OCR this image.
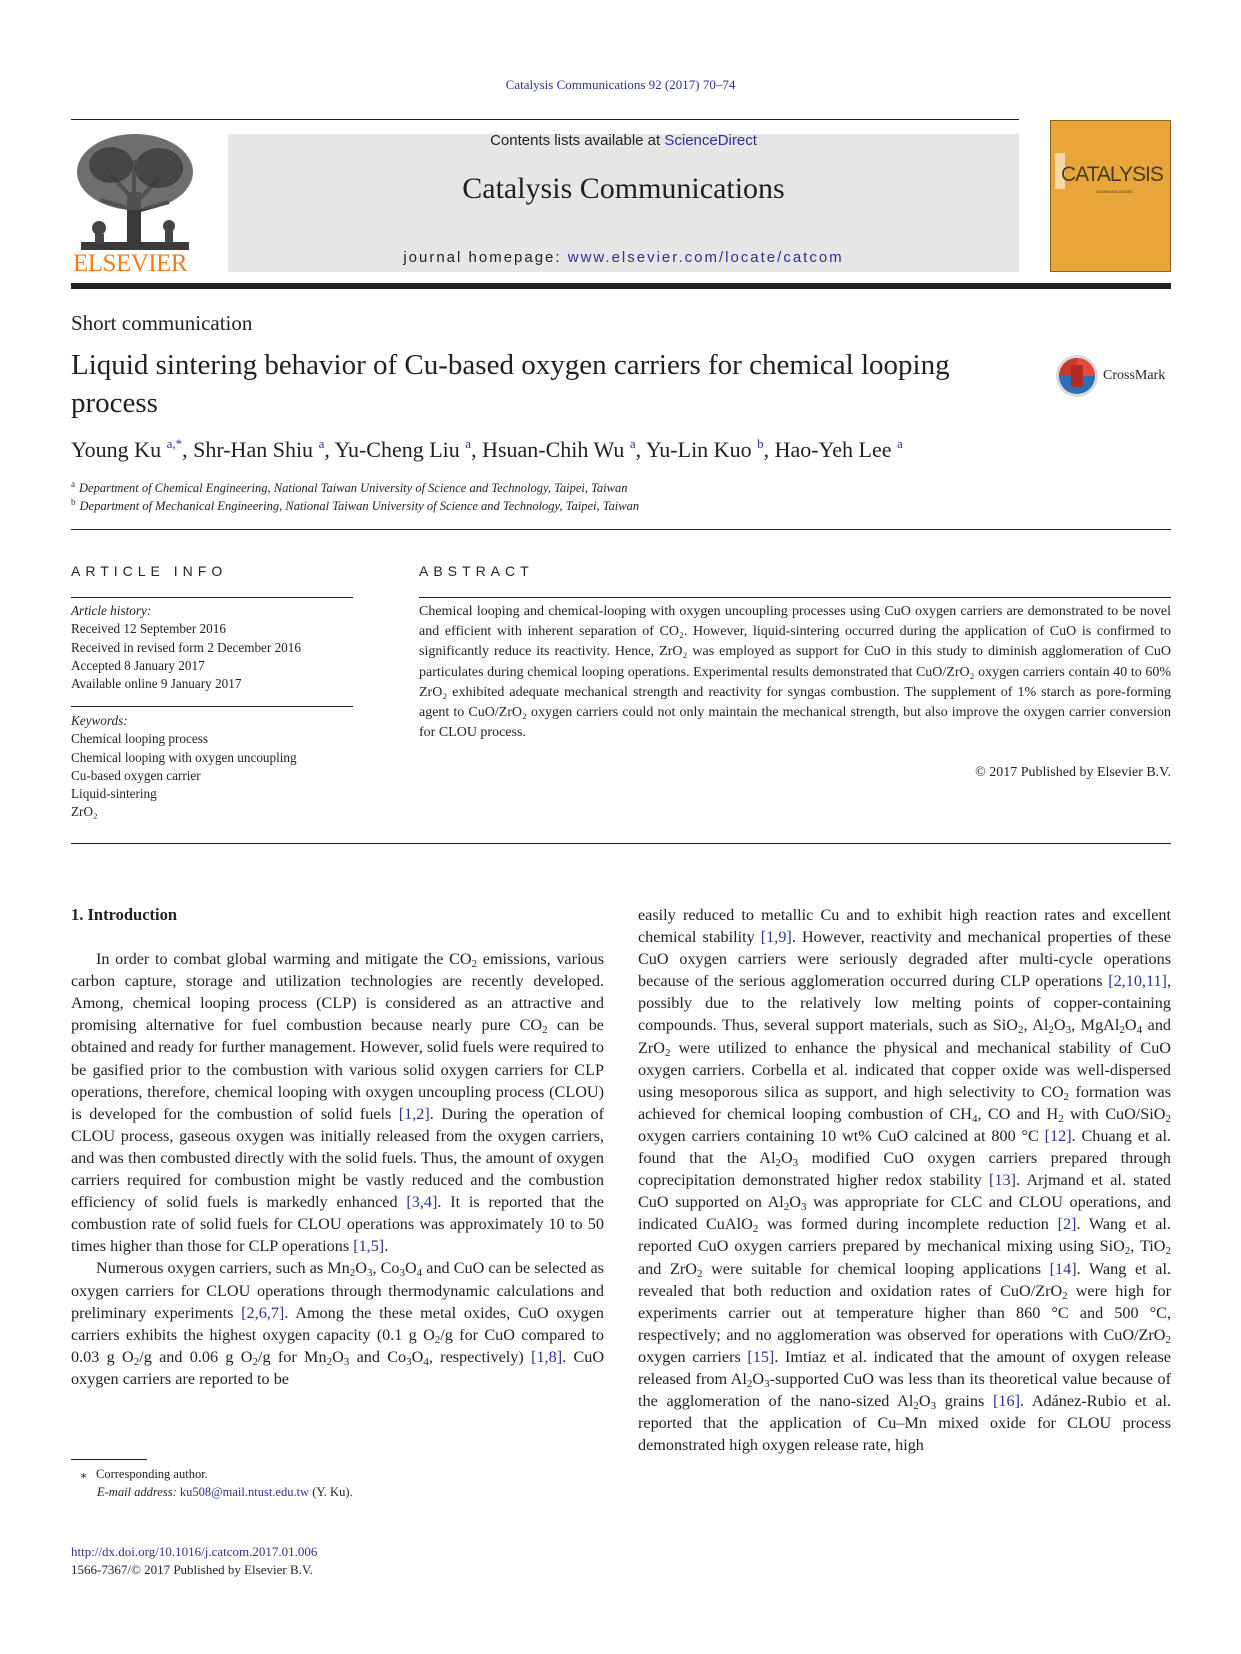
Catalysis Communications 92 (2017) 70–74
ELSEVIER
Contents lists available at ScienceDirect
Catalysis Communications
journal homepage: www.elsevier.com/locate/catcom
CATALYSIS
COMMUNICATIONS
Short communication
Liquid sintering behavior of Cu-based oxygen carriers for chemical looping process
CrossMark
Young Ku $^{a,*}$, Shr-Han Shiu $^a$, Yu-Cheng Liu $^a$, Hsuan-Chih Wu $^a$, Yu-Lin Kuo $^b$, Hao-Yeh Lee $^a$
$^a$ Department of Chemical Engineering, National Taiwan University of Science and Technology, Taipei, Taiwan
$^b$ Department of Mechanical Engineering, National Taiwan University of Science and Technology, Taipei, Taiwan
ARTICLE INFO
Article history:
Received 12 September 2016
Received in revised form 2 December 2016
Accepted 8 January 2017
Available online 9 January 2017
Keywords:
Chemical looping process
Chemical looping with oxygen uncoupling
Cu-based oxygen carrier
Liquid-sintering
ZrO₂
ABSTRACT
Chemical looping and chemical-looping with oxygen uncoupling processes using CuO oxygen carriers are demonstrated to be novel and efficient with inherent separation of CO₂. However, liquid-sintering occurred during the application of CuO is confirmed to significantly reduce its reactivity. Hence, ZrO₂ was employed as support for CuO in this study to diminish agglomeration of CuO particulates during chemical looping operations. Experimental results demonstrated that CuO/ZrO₂ oxygen carriers contain 40 to 60% ZrO₂ exhibited adequate mechanical strength and reactivity for syngas combustion. The supplement of 1% starch as pore-forming agent to CuO/ZrO₂ oxygen carriers could not only maintain the mechanical strength, but also improve the oxygen carrier conversion for CLOU process.
© 2017 Published by Elsevier B.V.
1. Introduction

In order to combat global warming and mitigate the $CO_2$ emissions, various carbon capture, storage and utilization technologies are recently developed. Among, chemical looping process (CLP) is considered as an attractive and promising alternative for fuel combustion because nearly pure $CO_2$ can be obtained and ready for further management. However, solid fuels were required to be gasified prior to the combustion with various solid oxygen carriers for CLP operations, therefore, chemical looping with oxygen uncoupling process (CLOU) is developed for the combustion of solid fuels [1,2]. During the operation of CLOU process, gaseous oxygen was initially released from the oxygen carriers, and was then combusted directly with the solid fuels. Thus, the amount of oxygen carriers required for combustion might be vastly reduced and the combustion efficiency of solid fuels is markedly enhanced [3,4]. It is reported that the combustion rate of solid fuels for CLOU operations was approximately 10 to 50 times higher than those for CLP operations [1,5].

Numerous oxygen carriers, such as $Mn_2O_3$, $Co_3O_4$ and CuO can be selected as oxygen carriers for CLOU operations through thermodynamic calculations and preliminary experiments [2,6,7]. Among the these metal oxides, CuO oxygen carriers exhibits the highest oxygen capacity (0.1 g $O_2/g$ for CuO compared to 0.03 g $O_2/g$ and 0.06 g $O_2/g$ for $Mn_2O_3$ and $Co_3O_4$, respectively) [1,8]. CuO oxygen carriers are reported to be

easily reduced to metallic Cu and to exhibit high reaction rates and excellent chemical stability [1,9]. However, reactivity and mechanical properties of these CuO oxygen carriers were seriously degraded after multi-cycle operations because of the serious agglomeration occurred during CLP operations [2,10,11], possibly due to the relatively low melting points of copper-containing compounds. Thus, several support materials, such as SiO$_2$, $Al_2O_3$, $MgAl_2O_4$ and ZrO$_2$ were utilized to enhance the physical and mechanical stability of CuO oxygen carriers. Corbella et al. indicated that copper oxide was well-dispersed using mesoporous silica as support, and high selectivity to $CO_2$ formation was achieved for chemical looping combustion of $CH_4$, CO and $H_2$ with CuO/SiO$_2$ oxygen carriers containing 10 wt% CuO calcined at 800 °C [12]. Chuang et al. found that the $Al_2O_3$ modified CuO oxygen carriers prepared through coprecipitation demonstrated higher redox stability [13]. Arjmand et al. stated CuO supported on $Al_2O_3$ was appropriate for CLC and CLOU operations, and indicated CuAlO$_2$ was formed during incomplete reduction [2]. Wang et al. reported CuO oxygen carriers prepared by mechanical mixing using SiO$_2$, TiO$_2$ and ZrO$_2$ were suitable for chemical looping applications [14]. Wang et al. revealed that both reduction and oxidation rates of CuO/ZrO$_2$ were high for experiments carrier out at temperature higher than 860 °C and 500 °C, respectively; and no agglomeration was observed for operations with CuO/ZrO$_2$ oxygen carriers [15]. Imtiaz et al. indicated that the amount of oxygen release released from $Al_2O_3$-supported CuO was less than its theoretical value because of the agglomeration of the nano-sized $Al_2O_3$ grains [16]. Adánez-Rubio et al. reported that the application of Cu–Mn mixed oxide for CLOU process demonstrated high oxygen release rate, high

⁎ Corresponding author.
E-mail address: ku508@mail.ntust.edu.tw (Y. Ku).
http://dx.doi.org/10.1016/j.catcom.2017.01.006
1566-7367/© 2017 Published by Elsevier B.V.
